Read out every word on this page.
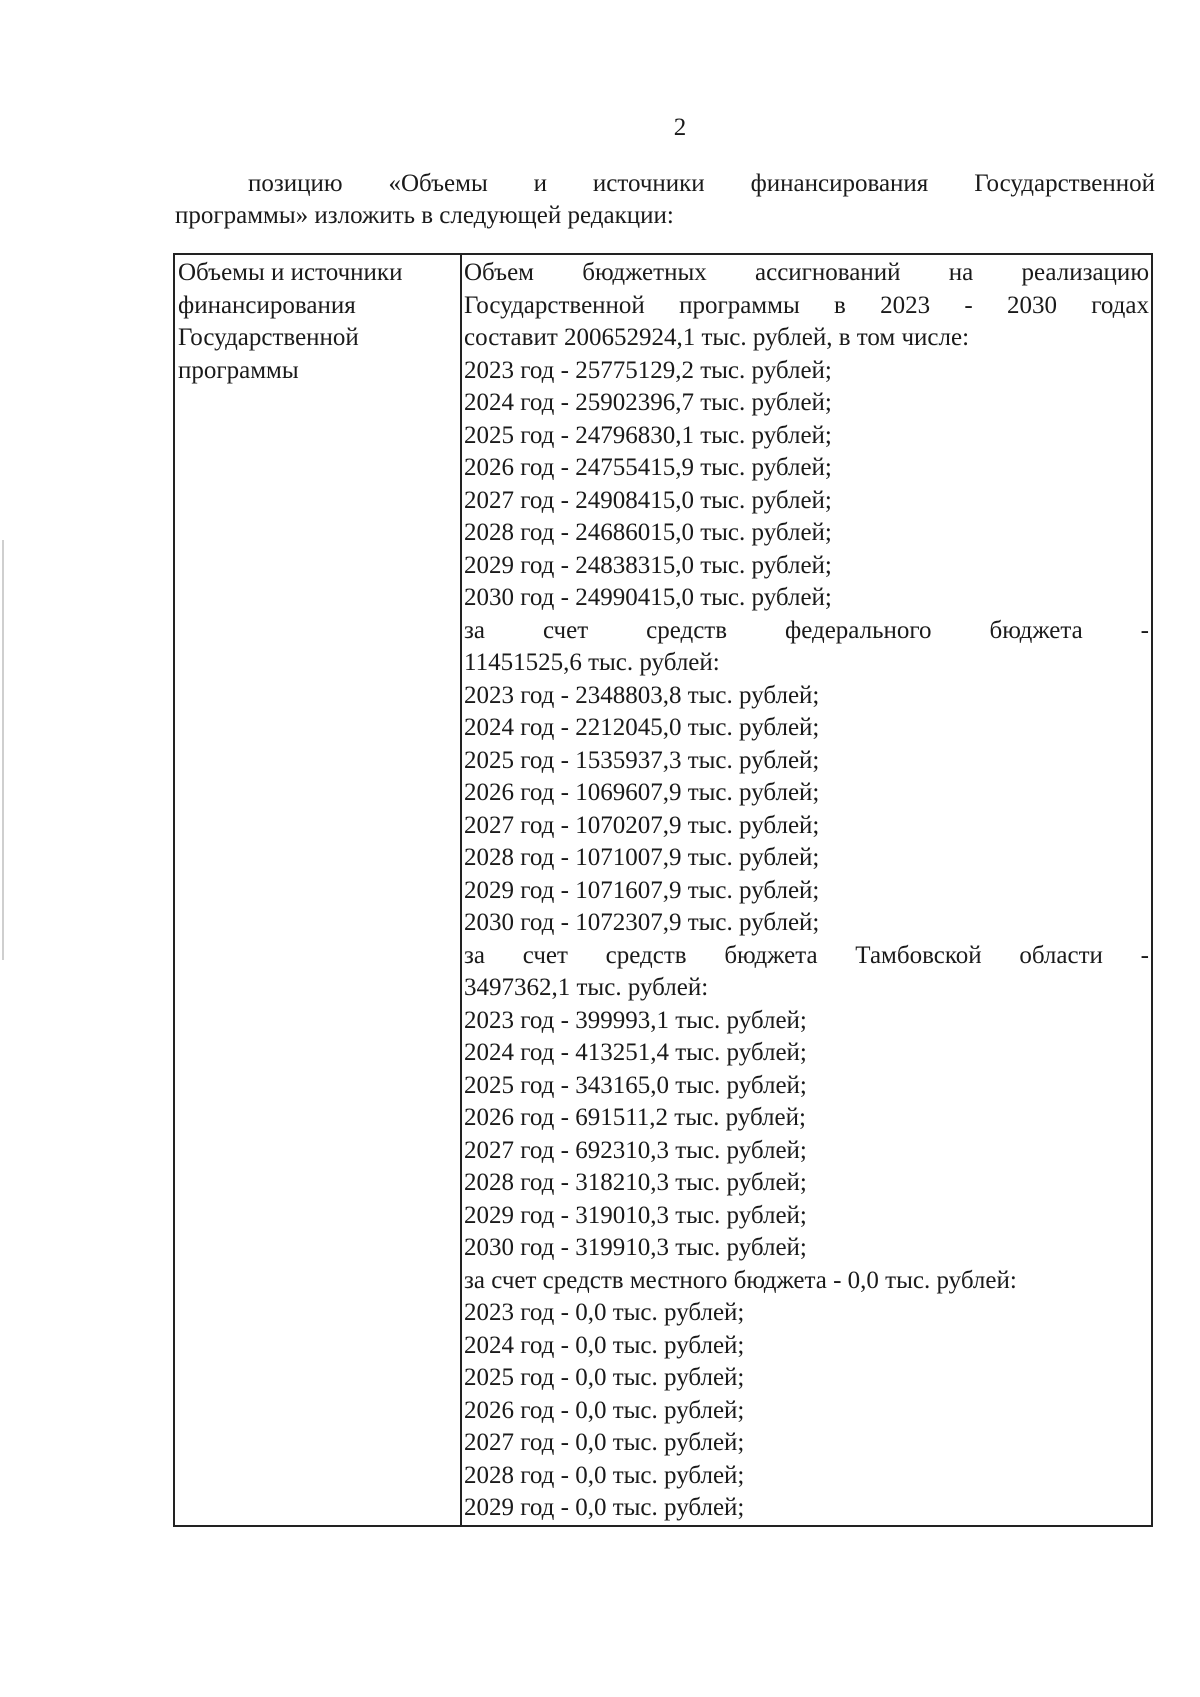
2
позицию «Объемы и источники финансирования Государственной
программы» изложить в следующей редакции:
Объемы и источники
финансирования
Государственной
программы
Объем бюджетных ассигнований на реализацию
Государственной программы в 2023 - 2030 годах
составит 200652924,1 тыс. рублей, в том числе:
2023 год - 25775129,2 тыс. рублей;
2024 год - 25902396,7 тыс. рублей;
2025 год - 24796830,1 тыс. рублей;
2026 год - 24755415,9 тыс. рублей;
2027 год - 24908415,0 тыс. рублей;
2028 год - 24686015,0 тыс. рублей;
2029 год - 24838315,0 тыс. рублей;
2030 год - 24990415,0 тыс. рублей;
за счет средств федерального бюджета -
11451525,6 тыс. рублей:
2023 год - 2348803,8 тыс. рублей;
2024 год - 2212045,0 тыс. рублей;
2025 год - 1535937,3 тыс. рублей;
2026 год - 1069607,9 тыс. рублей;
2027 год - 1070207,9 тыс. рублей;
2028 год - 1071007,9 тыс. рублей;
2029 год - 1071607,9 тыс. рублей;
2030 год - 1072307,9 тыс. рублей;
за счет средств бюджета Тамбовской области -
3497362,1 тыс. рублей:
2023 год - 399993,1 тыс. рублей;
2024 год - 413251,4 тыс. рублей;
2025 год - 343165,0 тыс. рублей;
2026 год - 691511,2 тыс. рублей;
2027 год - 692310,3 тыс. рублей;
2028 год - 318210,3 тыс. рублей;
2029 год - 319010,3 тыс. рублей;
2030 год - 319910,3 тыс. рублей;
за счет средств местного бюджета - 0,0 тыс. рублей:
2023 год - 0,0 тыс. рублей;
2024 год - 0,0 тыс. рублей;
2025 год - 0,0 тыс. рублей;
2026 год - 0,0 тыс. рублей;
2027 год - 0,0 тыс. рублей;
2028 год - 0,0 тыс. рублей;
2029 год - 0,0 тыс. рублей;
